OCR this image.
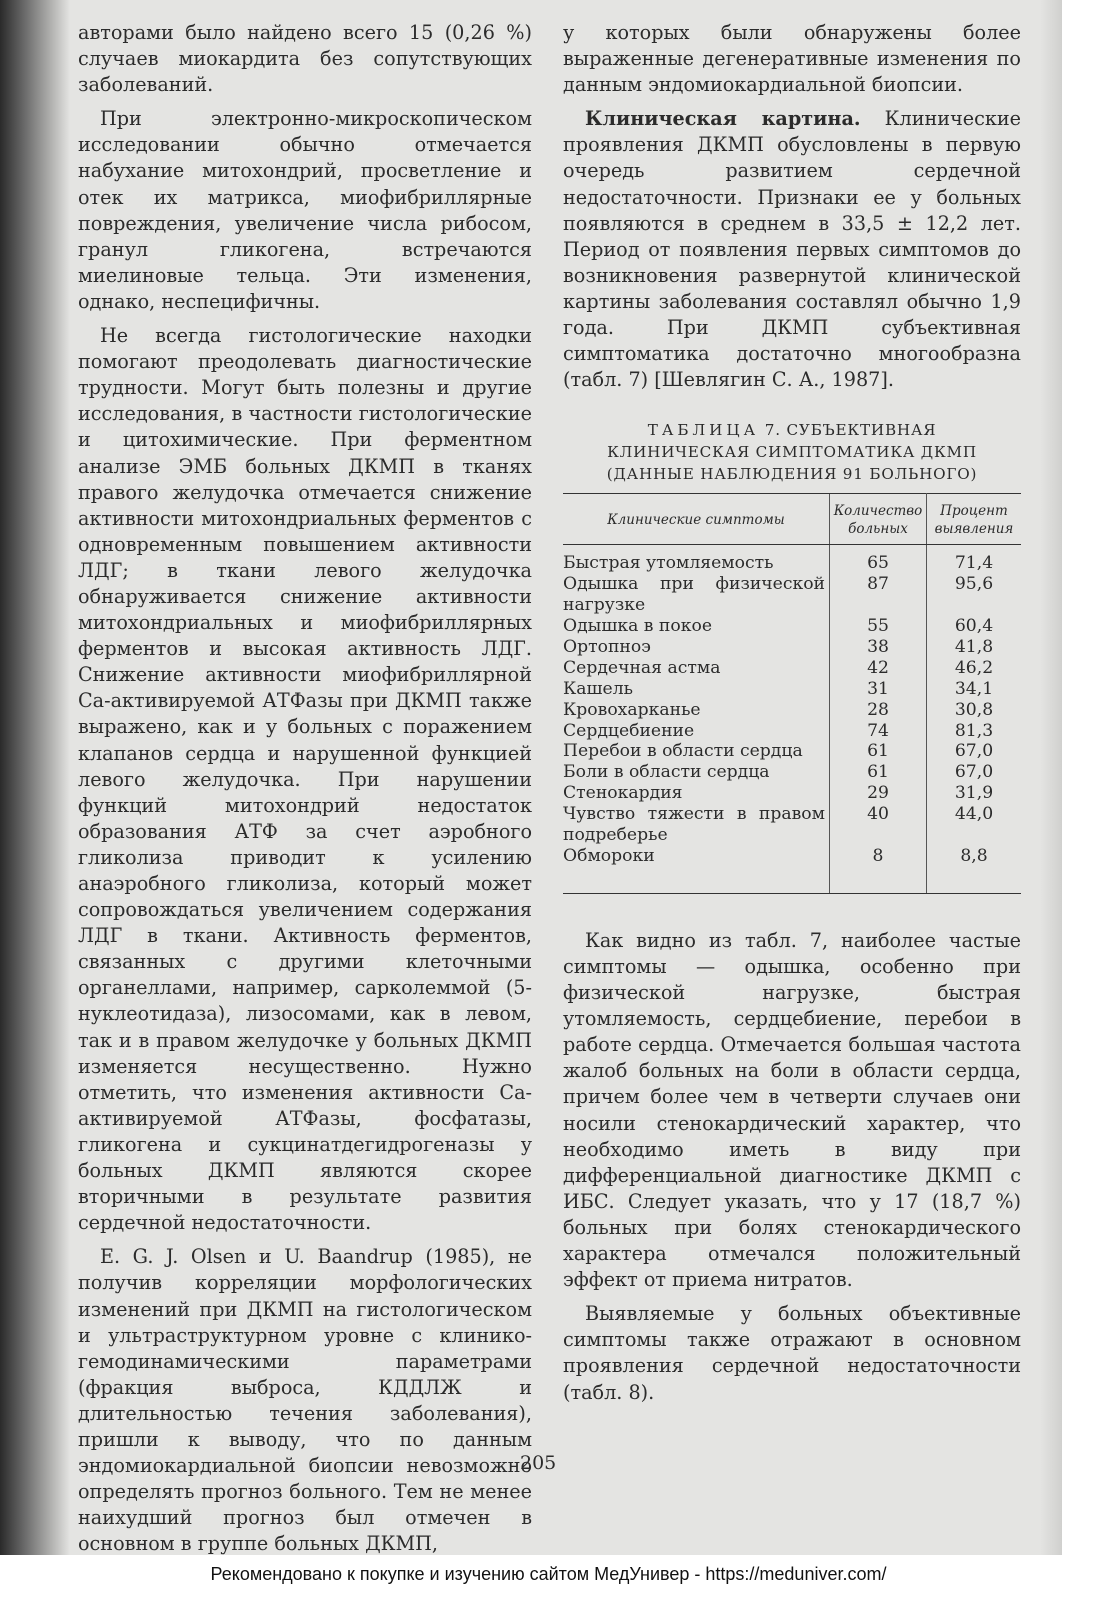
авторами было найдено всего 15 (0,26 %) случаев миокардита без сопутствующих заболеваний.

При электронно-микроскопическом исследовании обычно отмечается набухание митохондрий, просветление и отек их матрикса, миофибриллярные повреждения, увеличение числа рибосом, гранул гликогена, встречаются миелиновые тельца. Эти изменения, однако, неспецифичны.

Не всегда гистологические находки помогают преодолевать диагностические трудности. Могут быть полезны и другие исследования, в частности гистологические и цитохимические. При ферментном анализе ЭМБ больных ДКМП в тканях правого желудочка отмечается снижение активности митохондриальных ферментов с одновременным повышением активности ЛДГ; в ткани левого желудочка обнаруживается снижение активности митохондриальных и миофибриллярных ферментов и высокая активность ЛДГ. Снижение активности миофибриллярной Са-активируемой АТФазы при ДКМП также выражено, как и у больных с поражением клапанов сердца и нарушенной функцией левого желудочка. При нарушении функций митохондрий недостаток образования АТФ за счет аэробного гликолиза приводит к усилению анаэробного гликолиза, который может сопровождаться увеличением содержания ЛДГ в ткани. Активность ферментов, связанных с другими клеточными органеллами, например, сарколеммой (5-нуклеотидаза), лизосомами, как в левом, так и в правом желудочке у больных ДКМП изменяется несущественно. Нужно отметить, что изменения активности Са-активируемой АТФазы, фосфатазы, гликогена и сукцинатдегидрогеназы у больных ДКМП являются скорее вторичными в результате развития сердечной недостаточности.

E. G. J. Olsen и U. Baandrup (1985), не получив корреляции морфологических изменений при ДКМП на гистологическом и ультраструктурном уровне с клинико-гемодинамическими параметрами (фракция выброса, КДДЛЖ и длительностью течения заболевания), пришли к выводу, что по данным эндомиокардиальной биопсии невозможно определять прогноз больного. Тем не менее наихудший прогноз был отмечен в основном в группе больных ДКМП,

у которых были обнаружены более выраженные дегенеративные изменения по данным эндомиокардиальной биопсии.

Клиническая картина. Клинические проявления ДКМП обусловлены в первую очередь развитием сердечной недостаточности. Признаки ее у больных появляются в среднем в 33,5 ± 12,2 лет. Период от появления первых симптомов до возникновения развернутой клинической картины заболевания составлял обычно 1,9 года. При ДКМП субъективная симптоматика достаточно многообразна (табл. 7) [Шевлягин С. А., 1987].

ТАБЛИЦА 7. СУБЪЕКТИВНАЯ
КЛИНИЧЕСКАЯ СИМПТОМАТИКА ДКМП
(ДАННЫЕ НАБЛЮДЕНИЯ 91 БОЛЬНОГО)
Клинические симптомы	Количество больных	Процент выявления
Быстрая утомляемость	65	71,4
Одышка при физической нагрузке	87	95,6
Одышка в покое	55	60,4
Ортопноэ	38	41,8
Сердечная астма	42	46,2
Кашель	31	34,1
Кровохарканье	28	30,8
Сердцебиение	74	81,3
Перебои в области сердца	61	67,0
Боли в области сердца	61	67,0
Стенокардия	29	31,9
Чувство тяжести в правом подреберье	40	44,0
Обмороки	8	8,8

Как видно из табл. 7, наиболее частые симптомы — одышка, особенно при физической нагрузке, быстрая утомляемость, сердцебиение, перебои в работе сердца. Отмечается большая частота жалоб больных на боли в области сердца, причем более чем в четверти случаев они носили стенокардический характер, что необходимо иметь в виду при дифференциальной диагностике ДКМП с ИБС. Следует указать, что у 17 (18,7 %) больных при болях стенокардического характера отмечался положительный эффект от приема нитратов.

Выявляемые у больных объективные симптомы также отражают в основном проявления сердечной недостаточности (табл. 8).

205
Рекомендовано к покупке и изучению сайтом МедУнивер - https://meduniver.com/
